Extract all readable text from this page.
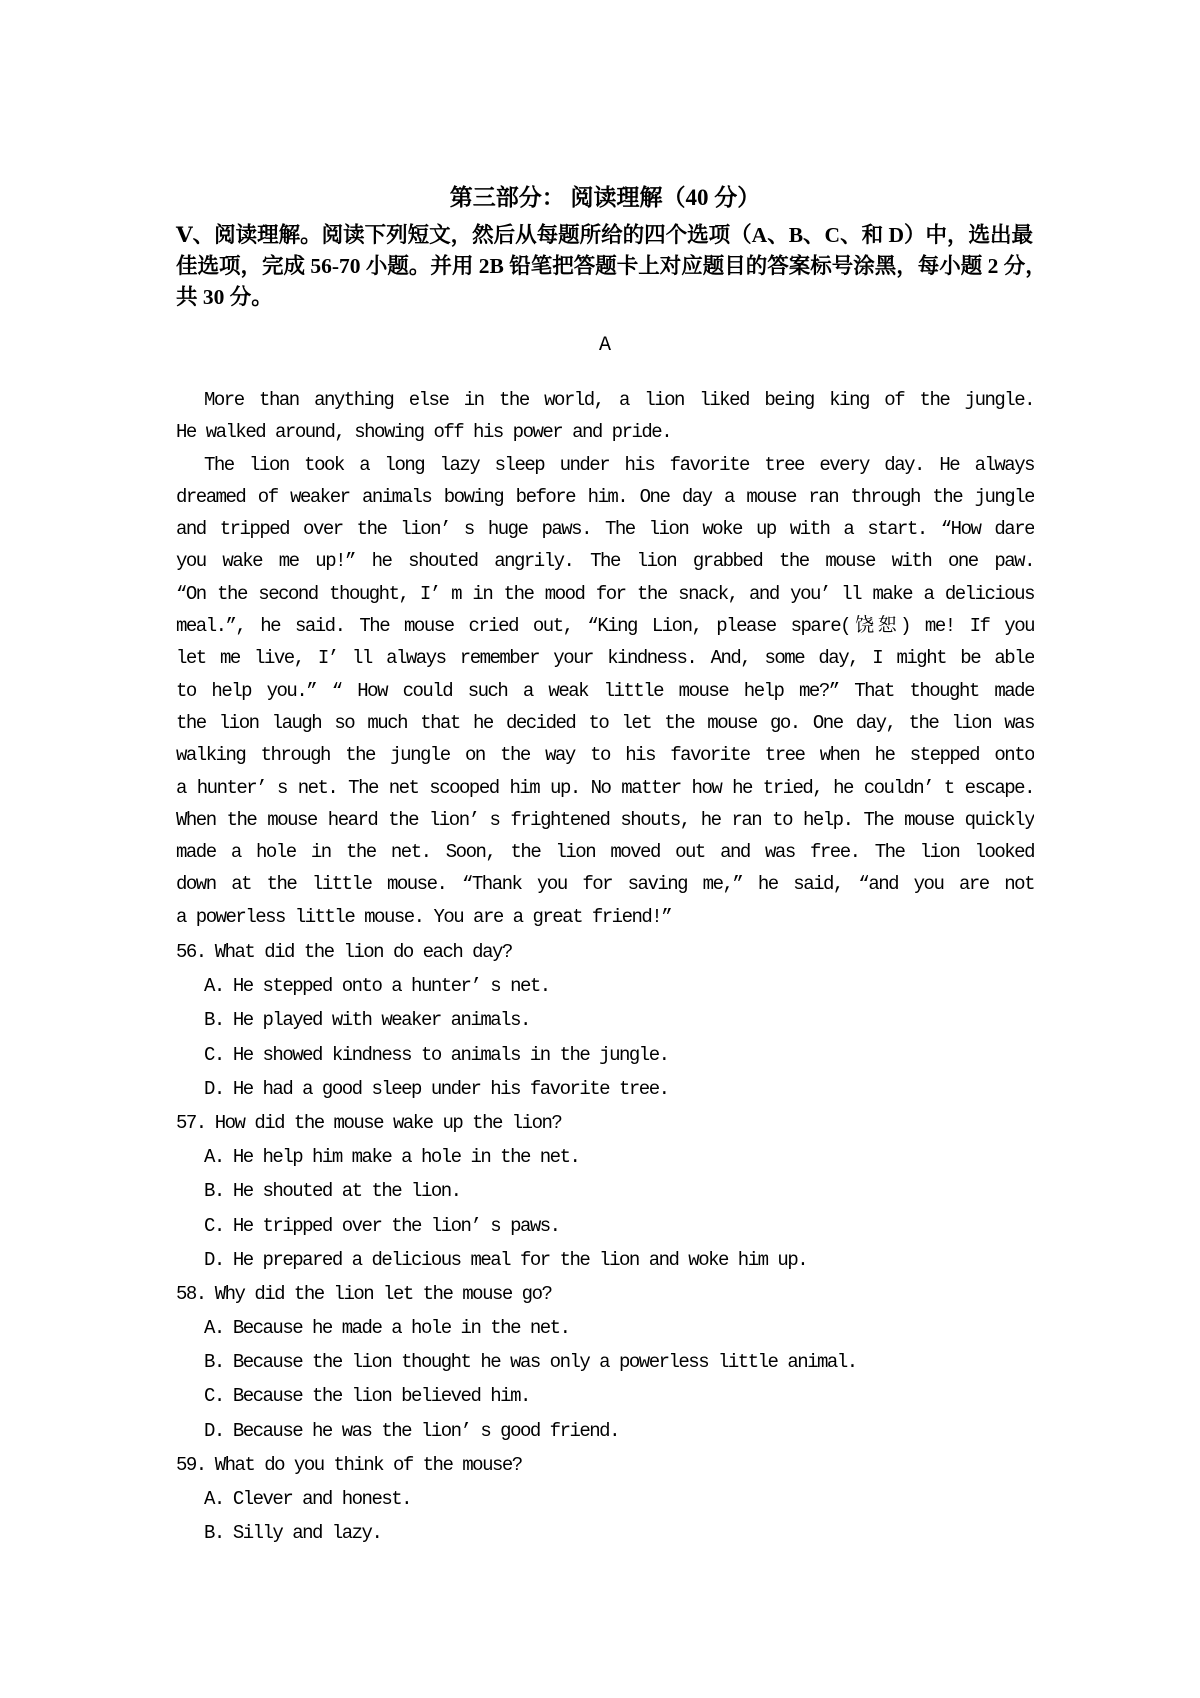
第三部分： 阅读理解（40 分）
Ⅴ、阅读理解。阅读下列短文，然后从每题所给的四个选项（A、B、C、和 D）中，选出最
佳选项，完成 56-70 小题。并用 2B 铅笔把答题卡上对应题目的答案标号涂黑，每小题 2 分，
共 30 分。
A
More than anything else in the world, a lion liked being king of the jungle.
He walked around, showing off his power and pride.
The lion took a long lazy sleep under his favorite tree every day. He always
dreamed of weaker animals bowing before him. One day a mouse ran through the jungle
and tripped over the lion’ s huge paws. The lion woke up with a start. “How dare
you wake me up!” he shouted angrily. The lion grabbed the mouse with one paw.
“On the second thought, I’ m in the mood for the snack, and you’ ll make a delicious
meal.”, he said. The mouse cried out, “King Lion, please spare(饶恕) me! If you
let me live, I’ ll always remember your kindness. And, some day, I might be able
to help you.” “ How could such a weak little mouse help me?” That thought made
the lion laugh so much that he decided to let the mouse go. One day, the lion was
walking through the jungle on the way to his favorite tree when he stepped onto
a hunter’ s net. The net scooped him up. No matter how he tried, he couldn’ t escape.
When the mouse heard the lion’ s frightened shouts, he ran to help. The mouse quickly
made a hole in the net. Soon, the lion moved out and was free. The lion looked
down at the little mouse. “Thank you for saving me,” he said, “and you are not
a powerless little mouse. You are a great friend!”
56. What did the lion do each day?
A. He stepped onto a hunter’ s net.
B. He played with weaker animals.
C. He showed kindness to animals in the jungle.
D. He had a good sleep under his favorite tree.
57. How did the mouse wake up the lion?
A. He help him make a hole in the net.
B. He shouted at the lion.
C. He tripped over the lion’ s paws.
D. He prepared a delicious meal for the lion and woke him up.
58. Why did the lion let the mouse go?
A. Because he made a hole in the net.
B. Because the lion thought he was only a powerless little animal.
C. Because the lion believed him.
D. Because he was the lion’ s good friend.
59. What do you think of the mouse?
A. Clever and honest.
B. Silly and lazy.
